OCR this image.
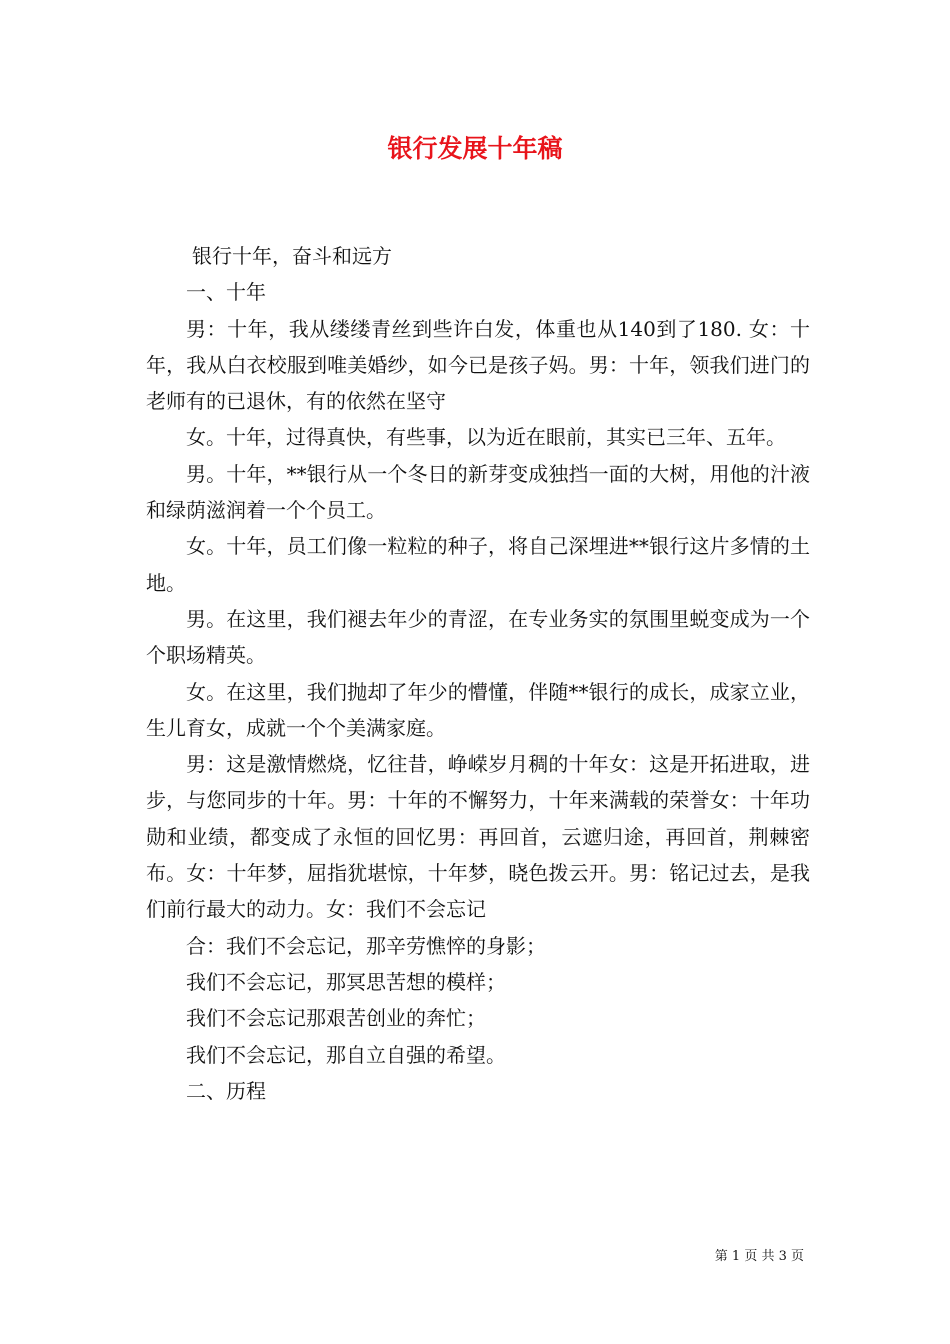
银行发展十年稿

银行十年，奋斗和远方

一、十年

男：十年，我从缕缕青丝到些许白发，体重也从140到了180. 女：十年，我从白衣校服到唯美婚纱，如今已是孩子妈。男：十年，领我们进门的老师有的已退休，有的依然在坚守

女。十年，过得真快，有些事，以为近在眼前，其实已三年、五年。

男。十年，**银行从一个冬日的新芽变成独挡一面的大树，用他的汁液和绿荫滋润着一个个员工。

女。十年，员工们像一粒粒的种子，将自己深埋进**银行这片多情的土地。

男。在这里，我们褪去年少的青涩，在专业务实的氛围里蜕变成为一个个职场精英。

女。在这里，我们抛却了年少的懵懂，伴随**银行的成长，成家立业，生儿育女，成就一个个美满家庭。

男：这是激情燃烧，忆往昔，峥嵘岁月稠的十年女：这是开拓进取，进步，与您同步的十年。男：十年的不懈努力，十年来满载的荣誉女：十年功勋和业绩，都变成了永恒的回忆男：再回首，云遮归途，再回首，荆棘密布。女：十年梦，屈指犹堪惊，十年梦，晓色拨云开。男：铭记过去，是我们前行最大的动力。女：我们不会忘记

合：我们不会忘记，那辛劳憔悴的身影；

我们不会忘记，那冥思苦想的模样；

我们不会忘记那艰苦创业的奔忙；

我们不会忘记，那自立自强的希望。

二、历程

第 1 页 共 3 页
